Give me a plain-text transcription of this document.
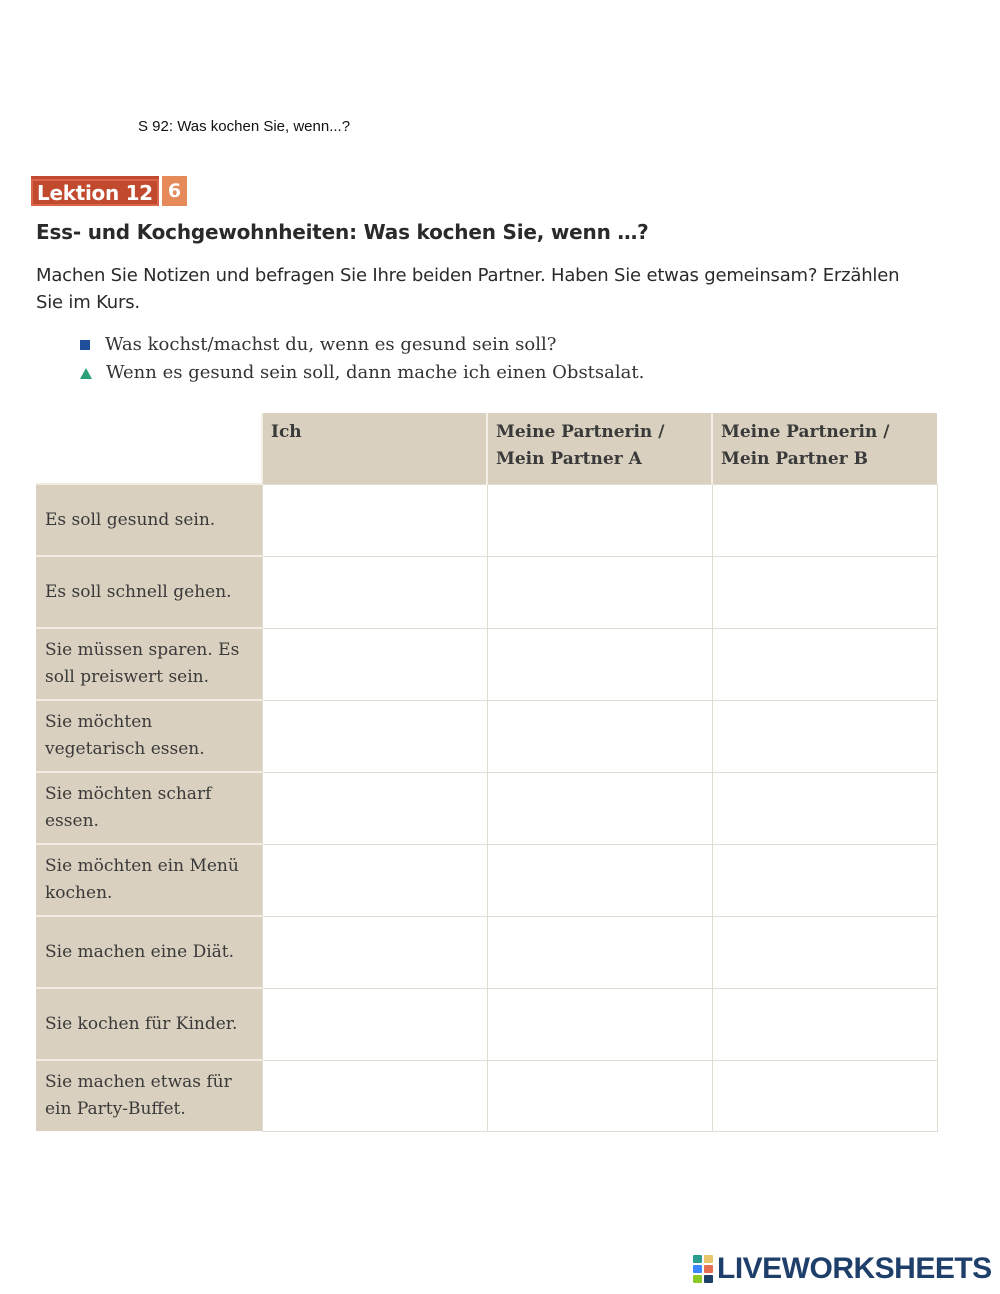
S 92: Was kochen Sie, wenn...?
Lektion 12 6
Ess- und Kochgewohnheiten: Was kochen Sie, wenn …?

Machen Sie Notizen und befragen Sie Ihre beiden Partner. Haben Sie etwas gemeinsam? Erzählen Sie im Kurs.

Was kochst/machst du, wenn es gesund sein soll?
Wenn es gesund sein soll, dann mache ich einen Obstsalat.
	Ich	Meine Partnerin / Mein Partner A	Meine Partnerin / Mein Partner B
Es soll gesund sein.			
Es soll schnell gehen.			
Sie müssen sparen. Es soll preiswert sein.			
Sie möchten vegetarisch essen.			
Sie möchten scharf essen.			
Sie möchten ein Menü kochen.			
Sie machen eine Diät.			
Sie kochen für Kinder.			
Sie machen etwas für ein Party-Buffet.			
LIVEWORKSHEETS
